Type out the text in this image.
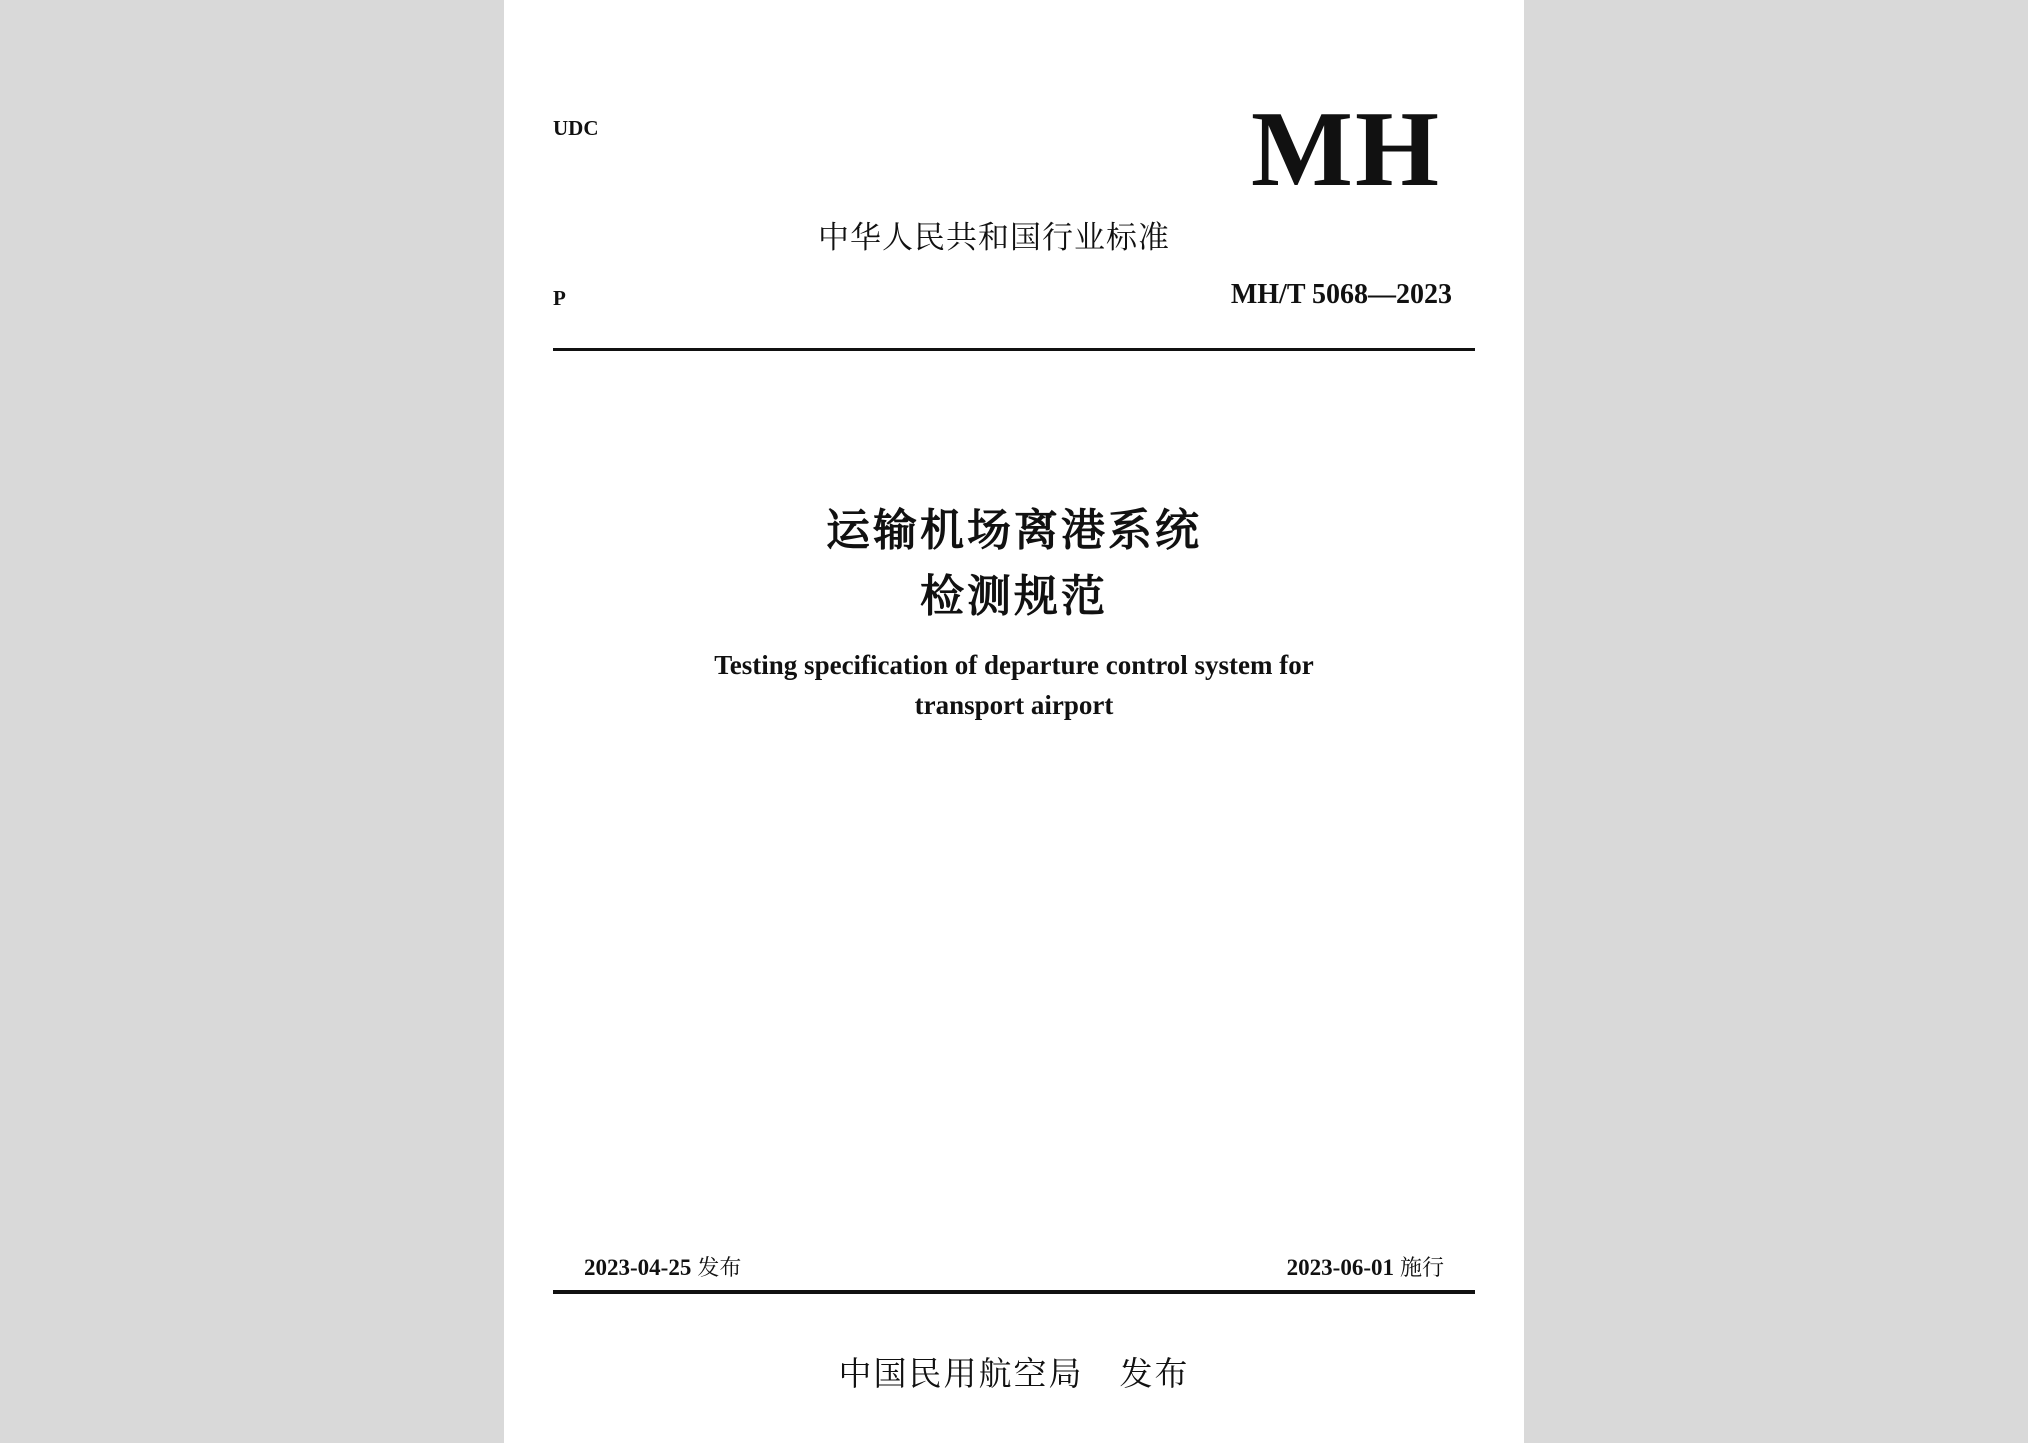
UDC	MH
中华人民共和国行业标准
P	MH/T 5068—2023
运输机场离港系统
检测规范
Testing specification of departure control system for
transport airport
2023-04-25 发布	2023-06-01 施行
中国民用航空局 发布
